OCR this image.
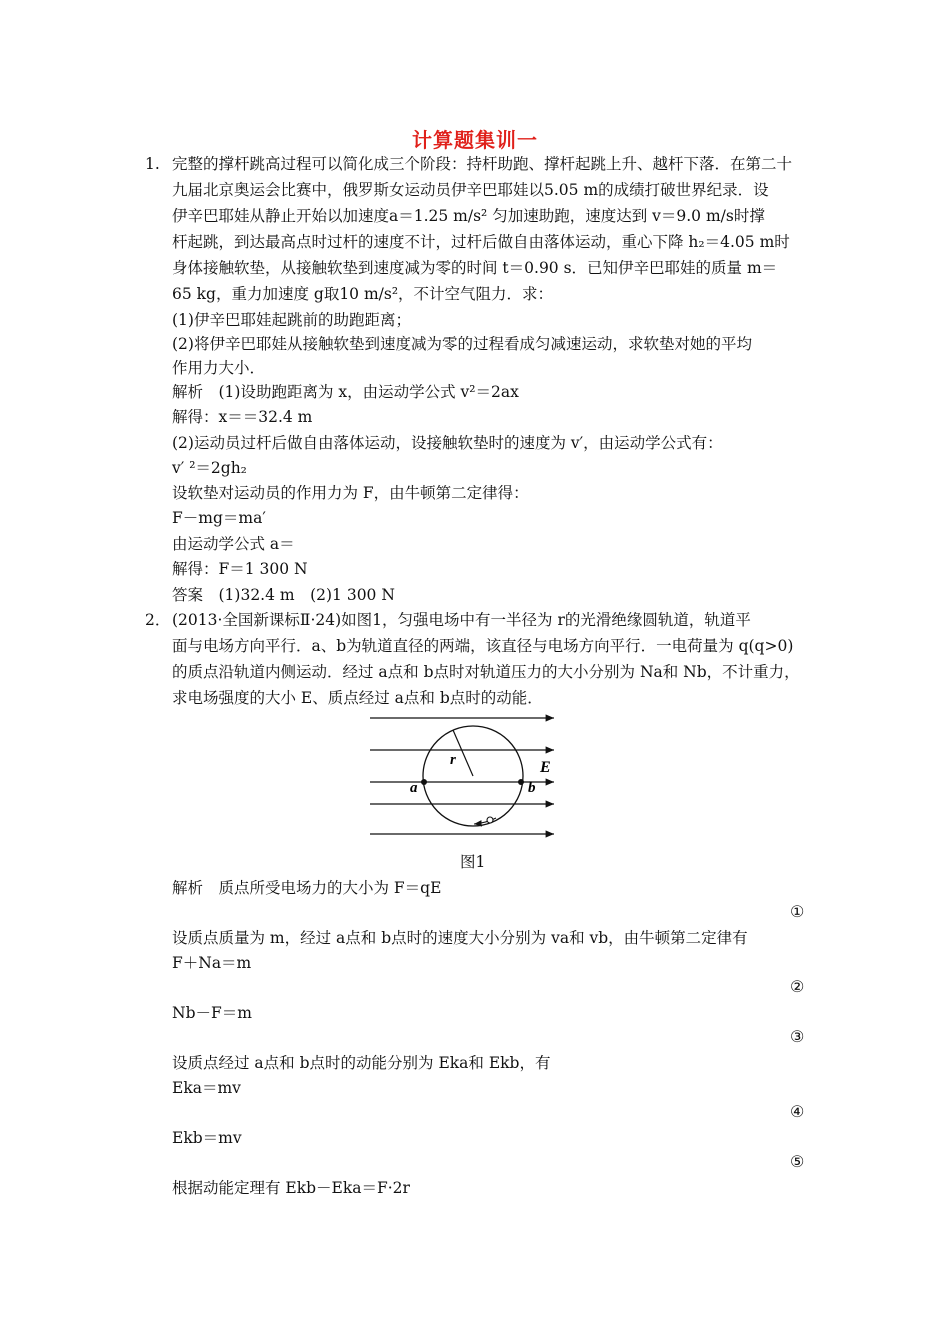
计算题集训一
1. 完整的撑杆跳高过程可以简化成三个阶段：持杆助跑、撑杆起跳上升、越杆下落．在第二十
九届北京奥运会比赛中，俄罗斯女运动员伊辛巴耶娃以5.05 m的成绩打破世界纪录．设
伊辛巴耶娃从静止开始以加速度a＝1.25 m/s² 匀加速助跑，速度达到 v＝9.0 m/s时撑
杆起跳，到达最高点时过杆的速度不计，过杆后做自由落体运动，重心下降 h₂＝4.05 m时
身体接触软垫，从接触软垫到速度减为零的时间 t＝0.90 s．已知伊辛巴耶娃的质量 m＝
65 kg，重力加速度 g取10 m/s²，不计空气阻力．求：
(1)伊辛巴耶娃起跳前的助跑距离；
(2)将伊辛巴耶娃从接触软垫到速度减为零的过程看成匀减速运动，求软垫对她的平均
作用力大小．
解析　(1)设助跑距离为 x，由运动学公式 v²＝2ax
解得：x＝＝32.4 m
(2)运动员过杆后做自由落体运动，设接触软垫时的速度为 v′，由运动学公式有：
v′ ²＝2gh₂
设软垫对运动员的作用力为 F，由牛顿第二定律得：
F－mg＝ma′
由运动学公式 a＝
解得：F＝1 300 N
答案　(1)32.4 m　(2)1 300 N
2． (2013·全国新课标Ⅱ·24)如图1，匀强电场中有一半径为 r的光滑绝缘圆轨道，轨道平
面与电场方向平行．a、b为轨道直径的两端，该直径与电场方向平行．一电荷量为 q(q>0)
的质点沿轨道内侧运动．经过 a点和 b点时对轨道压力的大小分别为 Na和 Nb，不计重力，
求电场强度的大小 E、质点经过 a点和 b点时的动能．
r	E
a	b
图1
解析　质点所受电场力的大小为 F＝qE
①
设质点质量为 m，经过 a点和 b点时的速度大小分别为 va和 vb，由牛顿第二定律有
F＋Na＝m
②
Nb－F＝m
③
设质点经过 a点和 b点时的动能分别为 Eka和 Ekb，有
Eka＝mv
④
Ekb＝mv
⑤
根据动能定理有 Ekb－Eka＝F·2r
